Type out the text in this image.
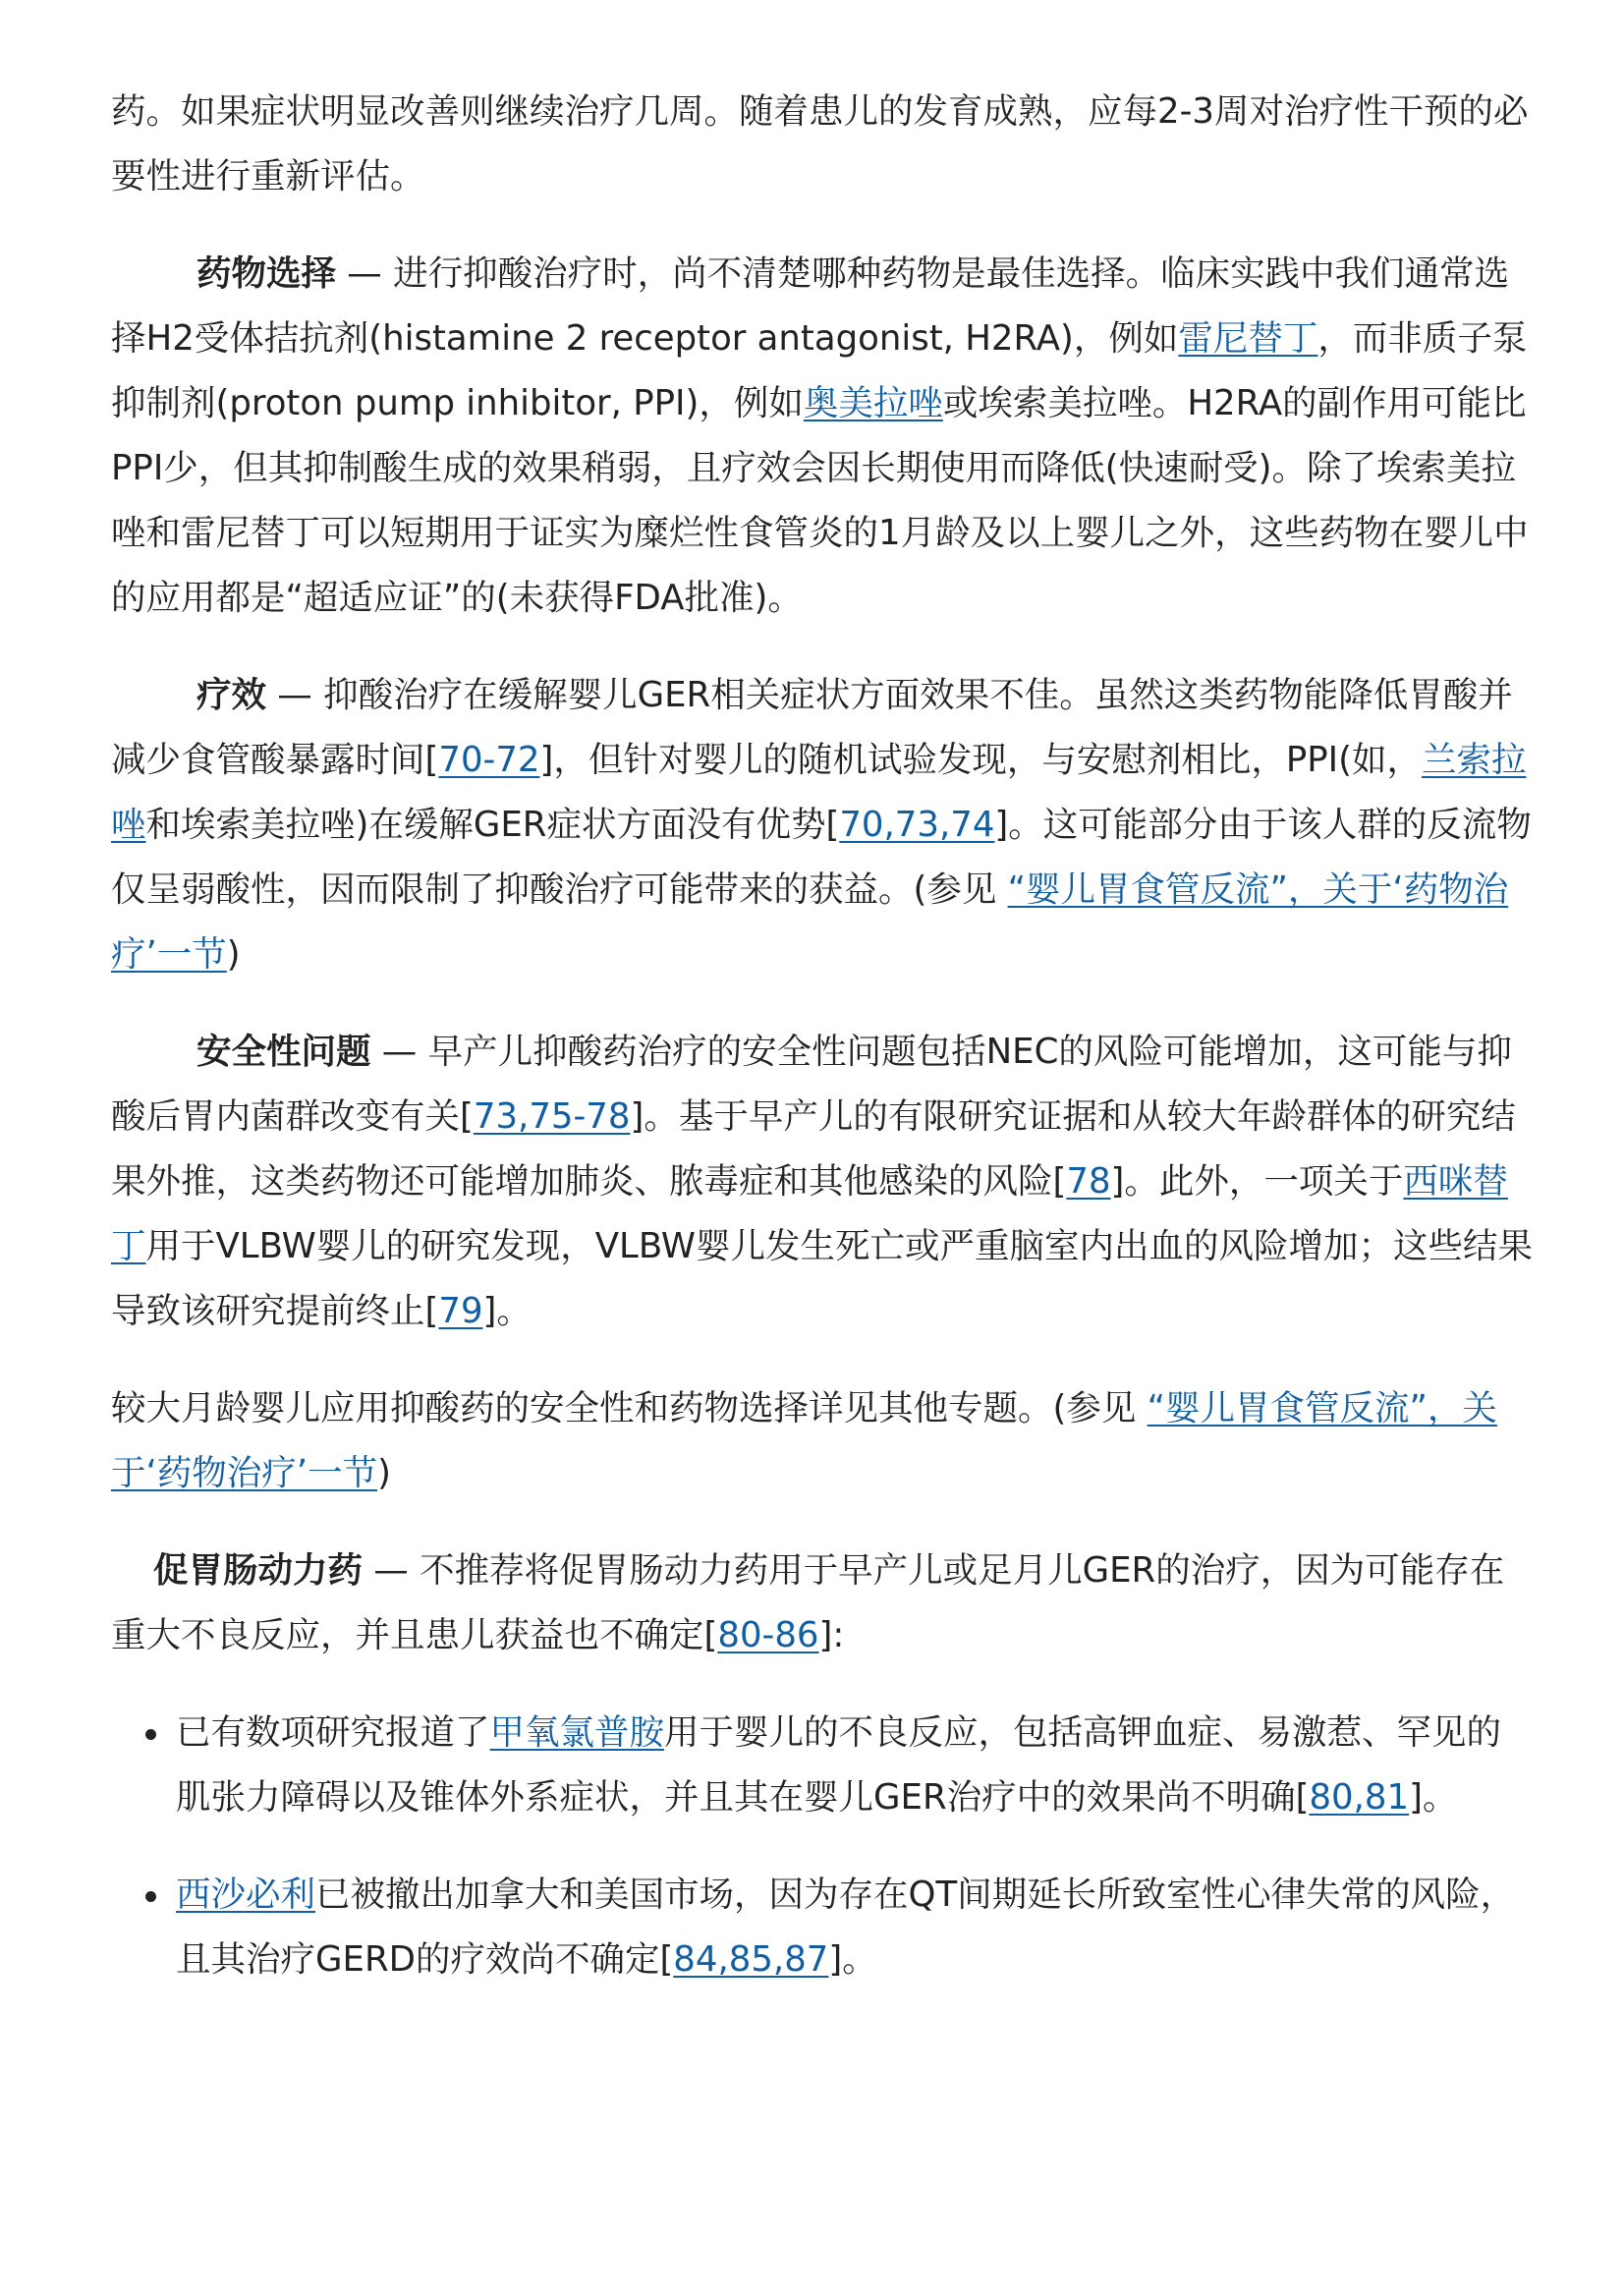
药。如果症状明显改善则继续治疗几周。随着患儿的发育成熟，应每2-3周对治疗性干预的必要性进行重新评估。

药物选择 — 进行抑酸治疗时，尚不清楚哪种药物是最佳选择。临床实践中我们通常选择H2受体拮抗剂(histamine 2 receptor antagonist, H2RA)，例如雷尼替丁，而非质子泵抑制剂(proton pump inhibitor, PPI)，例如奥美拉唑或埃索美拉唑。H2RA的副作用可能比PPI少，但其抑制酸生成的效果稍弱，且疗效会因长期使用而降低(快速耐受)。除了埃索美拉唑和雷尼替丁可以短期用于证实为糜烂性食管炎的1月龄及以上婴儿之外，这些药物在婴儿中的应用都是“超适应证”的(未获得FDA批准)。

疗效 — 抑酸治疗在缓解婴儿GER相关症状方面效果不佳。虽然这类药物能降低胃酸并减少食管酸暴露时间[70-72]，但针对婴儿的随机试验发现，与安慰剂相比，PPI(如，兰索拉唑和埃索美拉唑)在缓解GER症状方面没有优势[70,73,74]。这可能部分由于该人群的反流物仅呈弱酸性，因而限制了抑酸治疗可能带来的获益。(参见 “婴儿胃食管反流”，关于‘药物治疗’一节)

安全性问题 — 早产儿抑酸药治疗的安全性问题包括NEC的风险可能增加，这可能与抑酸后胃内菌群改变有关[73,75-78]。基于早产儿的有限研究证据和从较大年龄群体的研究结果外推，这类药物还可能增加肺炎、脓毒症和其他感染的风险[78]。此外，一项关于西咪替丁用于VLBW婴儿的研究发现，VLBW婴儿发生死亡或严重脑室内出血的风险增加；这些结果导致该研究提前终止[79]。

较大月龄婴儿应用抑酸药的安全性和药物选择详见其他专题。(参见 “婴儿胃食管反流”，关于‘药物治疗’一节)

促胃肠动力药 — 不推荐将促胃肠动力药用于早产儿或足月儿GER的治疗，因为可能存在重大不良反应，并且患儿获益也不确定[80-86]:

已有数项研究报道了甲氧氯普胺用于婴儿的不良反应，包括高钾血症、易激惹、罕见的肌张力障碍以及锥体外系症状，并且其在婴儿GER治疗中的效果尚不明确[80,81]。
西沙必利已被撤出加拿大和美国市场，因为存在QT间期延长所致室性心律失常的风险，且其治疗GERD的疗效尚不确定[84,85,87]。
